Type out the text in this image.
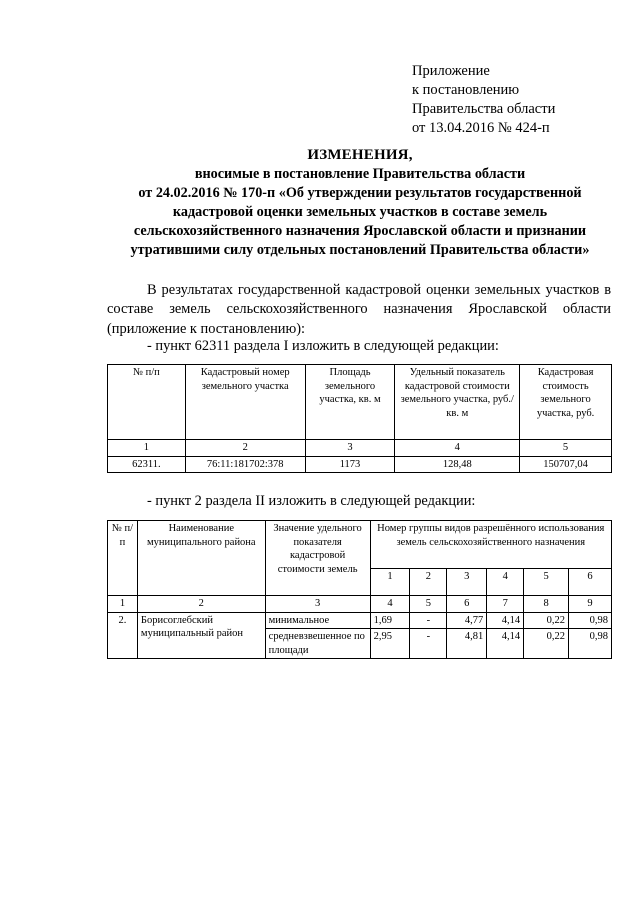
Приложение
к постановлению
Правительства области
от 13.04.2016 № 424-п
ИЗМЕНЕНИЯ,
вносимые в постановление Правительства области
от 24.02.2016 № 170-п «Об утверждении результатов государственной
кадастровой оценки земельных участков в составе земель
сельскохозяйственного назначения Ярославской области и признании
утратившими силу отдельных постановлений Правительства области»
В результатах государственной кадастровой оценки земельных участков в составе земель сельскохозяйственного назначения Ярославской области (приложение к постановлению):
- пункт 62311 раздела I изложить в следующей редакции:
№ п/п	Кадастровый номер земельного участка	Площадь земельного участка, кв. м	Удельный показатель кадастровой стоимости земельного участка, руб./ кв. м	Кадастровая стоимость земельного участка, руб.
1	2	3	4	5
62311.	76:11:181702:378	1173	128,48	150707,04
- пункт 2 раздела II изложить в следующей редакции:
№ п/п	Наименование муниципального района	Значение удельного показателя кадастровой стоимости земель	Номер группы видов разрешённого использования земель сельскохозяйственного назначения					
			1	2	3	4	5	6
1	2	3	4	5	6	7	8	9
2.	Борисоглебский муниципальный район	минимальное	1,69	-	4,77	4,14	0,22	0,98
		средневзвешенное по площади	2,95	-	4,81	4,14	0,22	0,98
